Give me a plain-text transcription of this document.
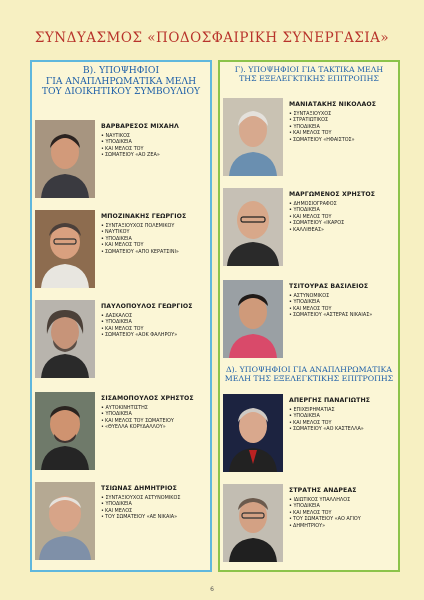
ΣΥΝΔΥΑΣΜΟΣ «ΠΟΔΟΣΦΑΙΡΙΚΗ ΣΥΝΕΡΓΑΣΙΑ»
Β). ΥΠΟΨΗΦΙΟΙ
ΓΙΑ ΑΝΑΠΛΗΡΩΜΑΤΙΚΑ ΜΕΛΗ
ΤΟΥ ΔΙΟΙΚΗΤΙΚΟΥ ΣΥΜΒΟΥΛΙΟΥ
ΒΑΡΒΑΡΕΣΟΣ ΜΙΧΑΗΛ
• • ΝΑΥΤΙΚΟΣ
• • ΥΠΟΔΙΚΕΙΑ
• ΚΑΙ ΜΕΛΟΣ ΤΟΥ
• ΣΩΜΑΤΕΙΟΥ «ΑΟ ΖΕΑ»
ΜΠΟΖΙΝΑΚΗΣ ΓΕΩΡΓΙΟΣ
• • ΣΥΝΤΑΞΙΟΥΧΟΣ ΠΟΛΕΜΙΚΟΥ
• ΝΑΥΤΙΚΟΥ
• • ΥΠΟΔΙΚΕΙΑ
• ΚΑΙ ΜΕΛΟΣ ΤΟΥ
• ΣΩΜΑΤΕΙΟΥ «ΑΠΟ ΚΕΡΑΤΣΙΝΙ»
ΠΑΥΛΟΠΟΥΛΟΣ ΓΕΩΡΓΙΟΣ
• • ΔΑΣΚΑΛΟΣ
• • ΥΠΟΔΙΚΕΙΑ
• ΚΑΙ ΜΕΛΟΣ ΤΟΥ
• ΣΩΜΑΤΕΙΟΥ «ΑΟΚ ΦΑΛΗΡΟΥ»
ΣΙΣΑΜΟΠΟΥΛΟΣ ΧΡΗΣΤΟΣ
• • ΑΥΤΟΚΙΝΗΤΙΣΤΗΣ
• • ΥΠΟΔΙΚΕΙΑ
• ΚΑΙ ΜΕΛΟΣ ΤΟΥ ΣΩΜΑΤΕΙΟΥ
• «ΘΥΕΛΛΑ ΚΟΡΥΔΑΛΛΟΥ»
ΤΣΙΩΝΑΣ ΔΗΜΗΤΡΙΟΣ
• • ΣΥΝΤΑΞΙΟΥΧΟΣ ΑΣΤΥΝΟΜΙΚΟΣ
• • ΥΠΟΔΙΚΕΙΑ
• ΚΑΙ ΜΕΛΟΣ
• ΤΟΥ ΣΩΜΑΤΕΙΟΥ «ΑΕ ΝΙΚΑΙΑ»
Γ). ΥΠΟΨΗΦΙΟΙ ΓΙΑ ΤΑΚΤΙΚΑ ΜΕΛΗ
ΤΗΣ ΕΞΕΛΕΓΚΤΙΚΗΣ ΕΠΙΤΡΟΠΗΣ
ΜΑΝΙΑΤΑΚΗΣ ΝΙΚΟΛΑΟΣ
• • ΣΥΝΤΑΞΙΟΥΧΟΣ
• ΣΤΡΑΤΙΩΤΙΚΟΣ
• • ΥΠΟΔΙΚΕΙΑ
• ΚΑΙ ΜΕΛΟΣ ΤΟΥ
• ΣΩΜΑΤΕΙΟΥ «ΗΦΑΙΣΤΟΣ»
ΜΑΡΓΩΜΕΝΟΣ ΧΡΗΣΤΟΣ
• • ΔΗΜΟΣΙΟΓΡΑΦΟΣ
• • ΥΠΟΔΙΚΕΙΑ
• ΚΑΙ ΜΕΛΟΣ ΤΟΥ
• ΣΩΜΑΤΕΙΟΥ «ΙΚΑΡΟΣ
• ΚΑΛΛΙΘΕΑΣ»
ΤΣΙΤΟΥΡΑΣ ΒΑΣΙΛΕΙΟΣ
• • ΑΣΤΥΝΟΜΙΚΟΣ
• • ΥΠΟΔΙΚΕΙΑ
• ΚΑΙ ΜΕΛΟΣ ΤΟΥ
• ΣΩΜΑΤΕΙΟΥ «ΑΣΤΕΡΑΣ ΝΙΚΑΙΑΣ»
Δ). ΥΠΟΨΗΦΙΟΙ ΓΙΑ ΑΝΑΠΛΗΡΩΜΑΤΙΚΑ
ΜΕΛΗ ΤΗΣ ΕΞΕΛΕΓΚΤΙΚΗΣ ΕΠΙΤΡΟΠΗΣ
ΑΠΕΡΓΗΣ ΠΑΝΑΓΙΩΤΗΣ
• • ΕΠΙΧΕΙΡΗΜΑΤΙΑΣ
• • ΥΠΟΔΙΚΕΙΑ
• ΚΑΙ ΜΕΛΟΣ ΤΟΥ
• ΣΩΜΑΤΕΙΟΥ «ΑΟ ΚΑΣΤΕΛΛΑ»
ΣΤΡΑΤΗΣ ΑΝΔΡΕΑΣ
• • ΙΔΙΩΤΙΚΟΣ ΥΠΑΛΛΗΛΟΣ
• • ΥΠΟΔΙΚΕΙΑ
• ΚΑΙ ΜΕΛΟΣ ΤΟΥ
• ΤΟΥ ΣΩΜΑΤΕΙΟΥ «ΑΟ ΑΓΙΟΥ
• ΔΗΜΗΤΡΙΟΥ»
6
